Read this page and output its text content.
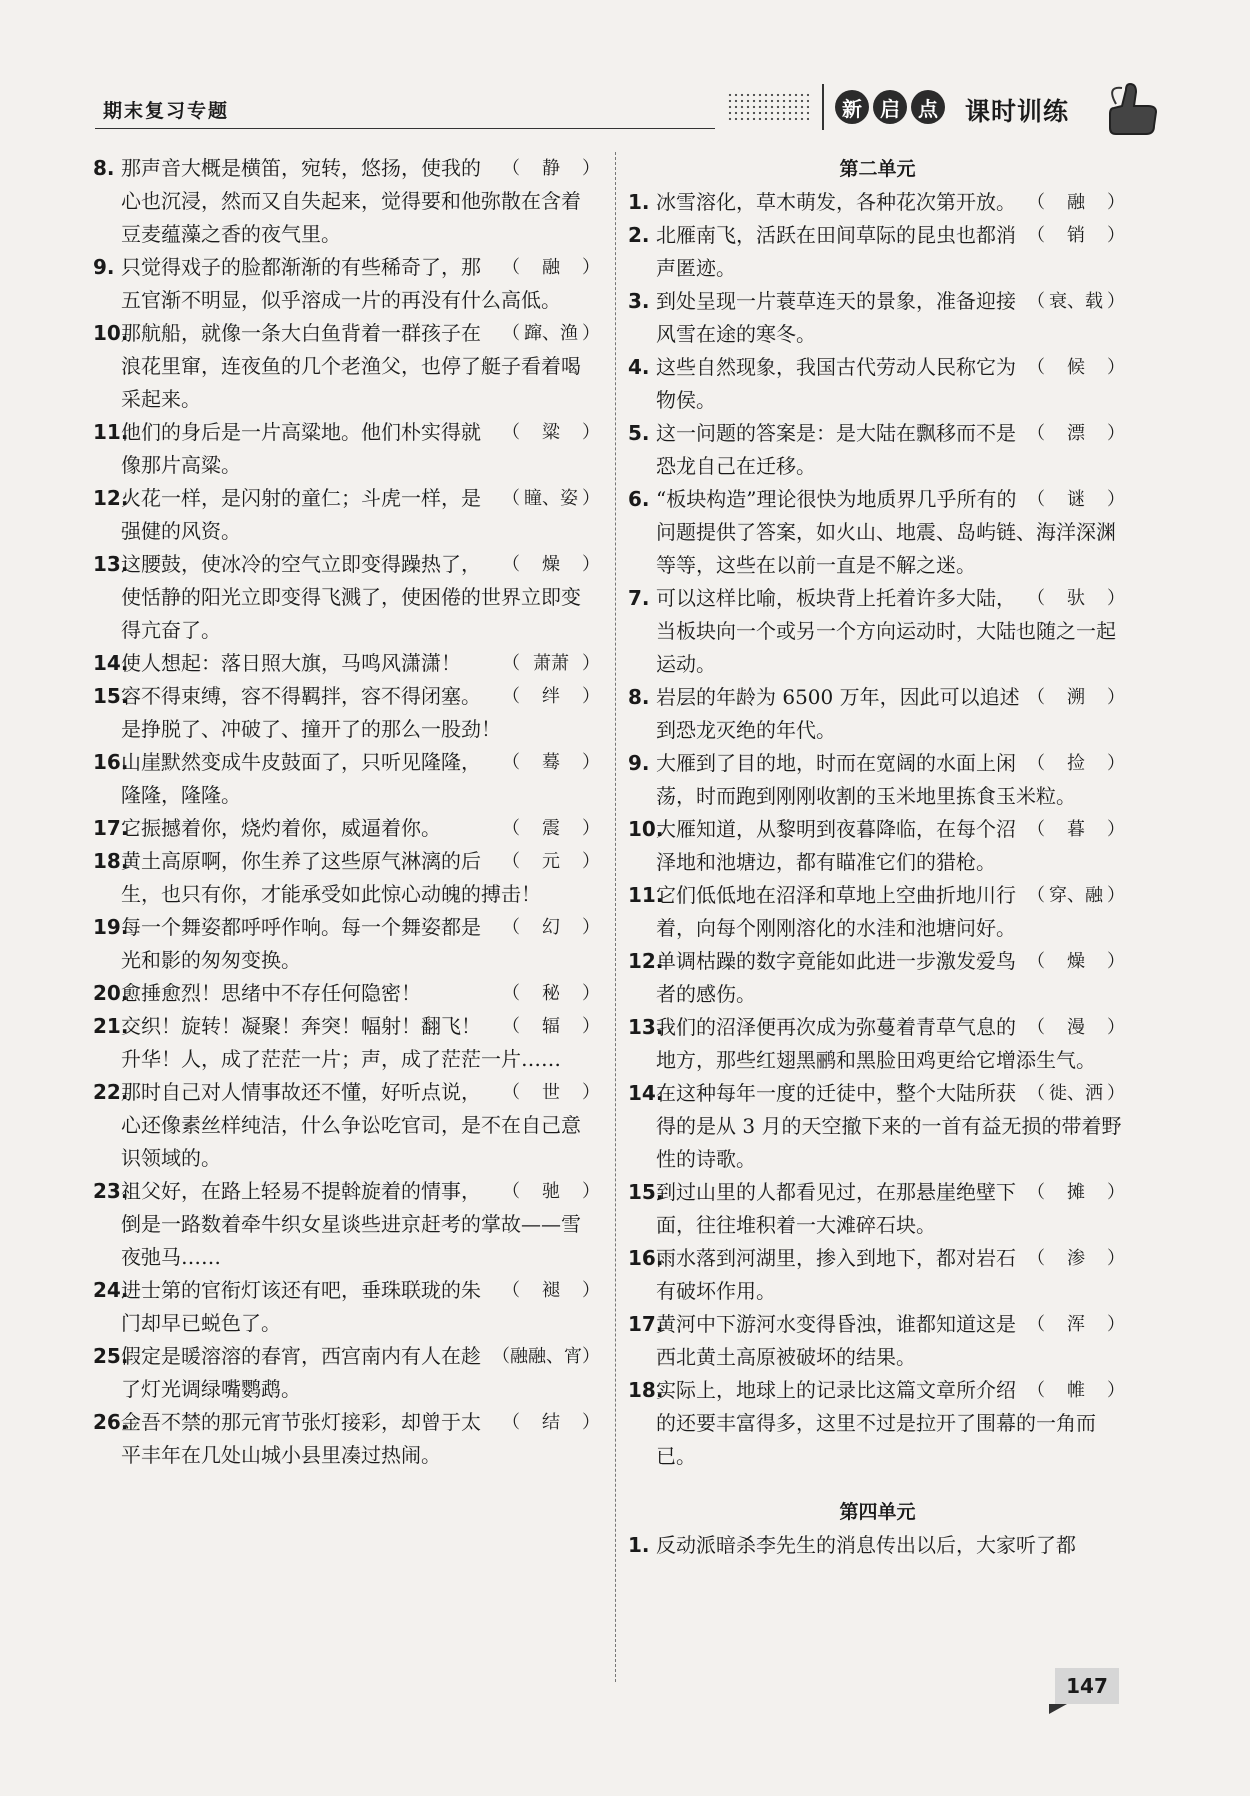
期末复习专题	新 启 点 课时训练
8.	（ 静 ）
那声音大概是横笛，宛转，悠扬，使我的心也沉浸，然而又自失起来，觉得要和他弥散在含着豆麦蕴藻之香的夜气里。
9.	（ 融 ）
只觉得戏子的脸都渐渐的有些稀奇了，那五官渐不明显，似乎溶成一片的再没有什么高低。
10.	（ 蹿、渔 ）
那航船，就像一条大白鱼背着一群孩子在浪花里窜，连夜鱼的几个老渔父，也停了艇子看着喝采起来。
11.	（ 粱 ）
他们的身后是一片高粱地。他们朴实得就像那片高粱。
12.	（ 瞳、姿 ）
火花一样，是闪射的童仁；斗虎一样，是强健的风资。
13.	（ 燥 ）
这腰鼓，使冰冷的空气立即变得躁热了，使恬静的阳光立即变得飞溅了，使困倦的世界立即变得亢奋了。
14.	（ 萧萧 ）
使人想起：落日照大旗，马鸣风潇潇！
15.	（ 绊 ）
容不得束缚，容不得羁拌，容不得闭塞。是挣脱了、冲破了、撞开了的那么一股劲！
16.	（ 蓦 ）
山崖默然变成牛皮鼓面了，只听见隆隆，隆隆，隆隆。
17.	（ 震 ）
它振撼着你，烧灼着你，威逼着你。
18.	（ 元 ）
黄土高原啊，你生养了这些原气淋漓的后生，也只有你，才能承受如此惊心动魄的搏击！
19.	（ 幻 ）
每一个舞姿都呼呼作响。每一个舞姿都是光和影的匆匆变换。
20.	（ 秘 ）
愈捶愈烈！思绪中不存任何隐密！
21.	（ 辐 ）
交织！旋转！凝聚！奔突！幅射！翻飞！升华！人，成了茫茫一片；声，成了茫茫一片……
22.	（ 世 ）
那时自己对人情事故还不懂，好听点说，心还像素丝样纯洁，什么争讼吃官司，是不在自己意识领域的。
23.	（ 驰 ）
祖父好，在路上轻易不提斡旋着的情事，倒是一路数着牵牛织女星谈些进京赶考的掌故——雪夜弛马……
24.	（ 褪 ）
进士第的官衔灯该还有吧，垂珠联珑的朱门却早已蜕色了。
25.	（融融、宵）
假定是暖溶溶的春宵，西宫南内有人在趁了灯光调绿嘴鹦鹉。
26.	（ 结 ）
金吾不禁的那元宵节张灯接彩，却曾于太平丰年在几处山城小县里凑过热闹。
第二单元
1.	（ 融 ）
冰雪溶化，草木萌发，各种花次第开放。
2.	（ 销 ）
北雁南飞，活跃在田间草际的昆虫也都消声匿迹。
3.	（ 衰、载 ）
到处呈现一片蓑草连天的景象，准备迎接风雪在途的寒冬。
4.	（ 候 ）
这些自然现象，我国古代劳动人民称它为物侯。
5.	（ 漂 ）
这一问题的答案是：是大陆在飘移而不是恐龙自己在迁移。
6.	（ 谜 ）
“板块构造”理论很快为地质界几乎所有的问题提供了答案，如火山、地震、岛屿链、海洋深渊等等，这些在以前一直是不解之迷。
7.	（ 驮 ）
可以这样比喻，板块背上托着许多大陆，当板块向一个或另一个方向运动时，大陆也随之一起运动。
8.	（ 溯 ）
岩层的年龄为 6500 万年，因此可以追述到恐龙灭绝的年代。
9.	（ 捡 ）
大雁到了目的地，时而在宽阔的水面上闲荡，时而跑到刚刚收割的玉米地里拣食玉米粒。
10.	（ 暮 ）
大雁知道，从黎明到夜暮降临，在每个沼泽地和池塘边，都有瞄准它们的猎枪。
11.	（ 穿、融 ）
它们低低地在沼泽和草地上空曲折地川行着，向每个刚刚溶化的水洼和池塘问好。
12.	（ 燥 ）
单调枯躁的数字竟能如此进一步激发爱鸟者的感伤。
13.	（ 漫 ）
我们的沼泽便再次成为弥蔓着青草气息的地方，那些红翅黑鹂和黑脸田鸡更给它增添生气。
14.	（ 徙、洒 ）
在这种每年一度的迁徒中，整个大陆所获得的是从 3 月的天空撤下来的一首有益无损的带着野性的诗歌。
15.	（ 摊 ）
到过山里的人都看见过，在那悬崖绝壁下面，往往堆积着一大滩碎石块。
16.	（ 渗 ）
雨水落到河湖里，掺入到地下，都对岩石有破坏作用。
17.	（ 浑 ）
黄河中下游河水变得昏浊，谁都知道这是西北黄土高原被破坏的结果。
18.	（ 帷 ）
实际上，地球上的记录比这篇文章所介绍的还要丰富得多，这里不过是拉开了围幕的一角而已。
第四单元
1. 反动派暗杀李先生的消息传出以后，大家听了都
147
